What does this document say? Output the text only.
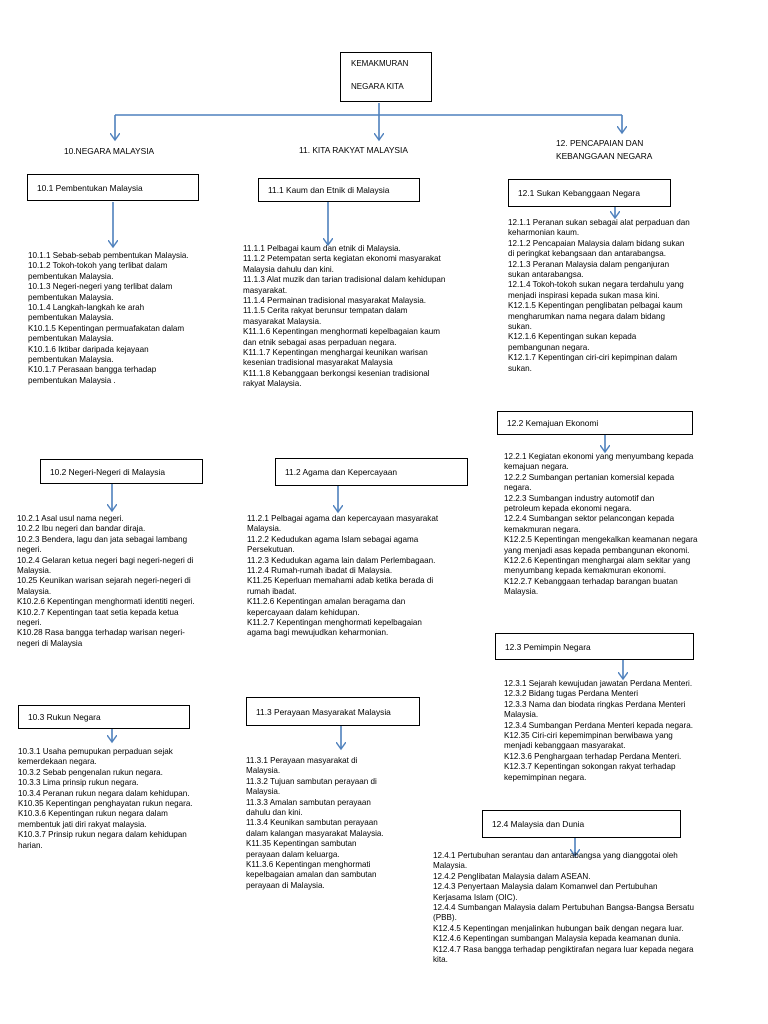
KEMAKMURAN
NEGARA KITA
10.NEGARA MALAYSIA	11. KITA RAKYAT MALAYSIA
12. PENCAPAIAN DAN
KEBANGGAAN NEGARA
10.1 Pembentukan Malaysia
10.1.1 Sebab-sebab pembentukan Malaysia.
10.1.2 Tokoh-tokoh yang terlibat dalam
pembentukan Malaysia.
10.1.3 Negeri-negeri yang terlibat dalam
pembentukan Malaysia.
10.1.4 Langkah-langkah ke arah
pembentukan Malaysia.
K10.1.5 Kepentingan permuafakatan dalam
pembentukan Malaysia.
K10.1.6 Iktibar daripada kejayaan
pembentukan Malaysia.
K10.1.7 Perasaan bangga terhadap
pembentukan Malaysia .
10.2 Negeri-Negeri di Malaysia
10.2.1 Asal usul nama negeri.
10.2.2 Ibu negeri dan bandar diraja.
10.2.3 Bendera, lagu dan jata sebagai lambang
negeri.
10.2.4 Gelaran ketua negeri bagi negeri-negeri di
Malaysia.
10.25 Keunikan warisan sejarah negeri-negeri di
Malaysia.
K10.2.6 Kepentingan menghormati identiti negeri.
K10.2.7 Kepentingan taat setia kepada ketua
negeri.
K10.28 Rasa bangga terhadap warisan negeri-
negeri di Malaysia
10.3 Rukun Negara
10.3.1 Usaha pemupukan perpaduan sejak
kemerdekaan negara.
10.3.2 Sebab pengenalan rukun negara.
10.3.3 Lima prinsip rukun negara.
10.3.4 Peranan rukun negara dalam kehidupan.
K10.35 Kepentingan penghayatan rukun negara.
K10.3.6 Kepentingan rukun negara dalam
membentuk jati diri rakyat malaysia.
K10.3.7 Prinsip rukun negara dalam kehidupan
harian.
11.1 Kaum dan Etnik di Malaysia
11.1.1 Pelbagai kaum dan etnik di Malaysia.
11.1.2 Petempatan serta kegiatan ekonomi masyarakat
Malaysia dahulu dan kini.
11.1.3 Alat muzik dan tarian tradisional dalam kehidupan
masyarakat.
11.1.4 Permainan tradisional masyarakat Malaysia.
11.1.5 Cerita rakyat berunsur tempatan dalam
masyarakat Malaysia.
K11.1.6 Kepentingan menghormati kepelbagaian kaum
dan etnik sebagai asas perpaduan negara.
K11.1.7 Kepentingan menghargai keunikan warisan
kesenian tradisional masyarakat Malaysia
K11.1.8 Kebanggaan berkongsi kesenian tradisional
rakyat Malaysia.
11.2 Agama dan Kepercayaan
11.2.1 Pelbagai agama dan kepercayaan masyarakat
Malaysia.
11.2.2 Kedudukan agama Islam sebagai agama
Persekutuan.
11.2.3 Kedudukan agama lain dalam Perlembagaan.
11.2.4 Rumah-rumah ibadat di Malaysia.
K11.25 Keperluan memahami adab ketika berada di
rumah ibadat.
K11.2.6 Kepentingan amalan beragama dan
kepercayaan dalam kehidupan.
K11.2.7 Kepentingan menghormati kepelbagaian
agama bagi mewujudkan keharmonian.
11.3 Perayaan Masyarakat Malaysia
11.3.1 Perayaan masyarakat di
Malaysia.
11.3.2 Tujuan sambutan perayaan di
Malaysia.
11.3.3 Amalan sambutan perayaan
dahulu dan kini.
11.3.4 Keunikan sambutan perayaan
dalam kalangan masyarakat Malaysia.
K11.35 Kepentingan sambutan
perayaan dalam keluarga.
K11.3.6 Kepentingan menghormati
kepelbagaian amalan dan sambutan
perayaan di Malaysia.
12.1 Sukan Kebanggaan Negara
12.1.1 Peranan sukan sebagai alat perpaduan dan
keharmonian kaum.
12.1.2 Pencapaian Malaysia dalam bidang sukan
di peringkat kebangsaan dan antarabangsa.
12.1.3 Peranan Malaysia dalam penganjuran
sukan antarabangsa.
12.1.4 Tokoh-tokoh sukan negara terdahulu yang
menjadi inspirasi kepada sukan masa kini.
K12.1.5 Kepentingan penglibatan pelbagai kaum
mengharumkan nama negara dalam bidang
sukan.
K12.1.6 Kepentingan sukan kepada
pembangunan negara.
K12.1.7 Kepentingan ciri-ciri kepimpinan dalam
sukan.
12.2 Kemajuan Ekonomi
12.2.1 Kegiatan ekonomi yang menyumbang kepada
kemajuan negara.
12.2.2 Sumbangan pertanian komersial kepada
negara.
12.2.3 Sumbangan industry automotif dan
petroleum kepada ekonomi negara.
12.2.4 Sumbangan sektor pelancongan kepada
kemakmuran negara.
K12.2.5 Kepentingan mengekalkan keamanan negara
yang menjadi asas kepada pembangunan ekonomi.
K12.2.6 Kepentingan menghargai alam sekitar yang
menyumbang kepada kemakmuran ekonomi.
K12.2.7 Kebanggaan terhadap barangan buatan
Malaysia.
12.3 Pemimpin Negara
12.3.1 Sejarah kewujudan jawatan Perdana Menteri.
12.3.2 Bidang tugas Perdana Menteri
12.3.3 Nama dan biodata ringkas Perdana Menteri
Malaysia.
12.3.4 Sumbangan Perdana Menteri kepada negara.
K12.35 Ciri-ciri kepemimpinan berwibawa yang
menjadi kebanggaan masyarakat.
K12.3.6 Penghargaan terhadap Perdana Menteri.
K12.3.7 Kepentingan sokongan rakyat terhadap
kepemimpinan negara.
12.4 Malaysia dan Dunia
12.4.1 Pertubuhan serantau dan antarabangsa yang dianggotai oleh
Malaysia.
12.4.2 Penglibatan Malaysia dalam ASEAN.
12.4.3 Penyertaan Malaysia dalam Komanwel dan Pertubuhan
Kerjasama Islam (OIC).
12.4.4 Sumbangan Malaysia dalam Pertubuhan Bangsa-Bangsa Bersatu
(PBB).
K12.4.5 Kepentingan menjalinkan hubungan baik dengan negara luar.
K12.4.6 Kepentingan sumbangan Malaysia kepada keamanan dunia.
K12.4.7 Rasa bangga terhadap pengiktirafan negara luar kepada negara
kita.
